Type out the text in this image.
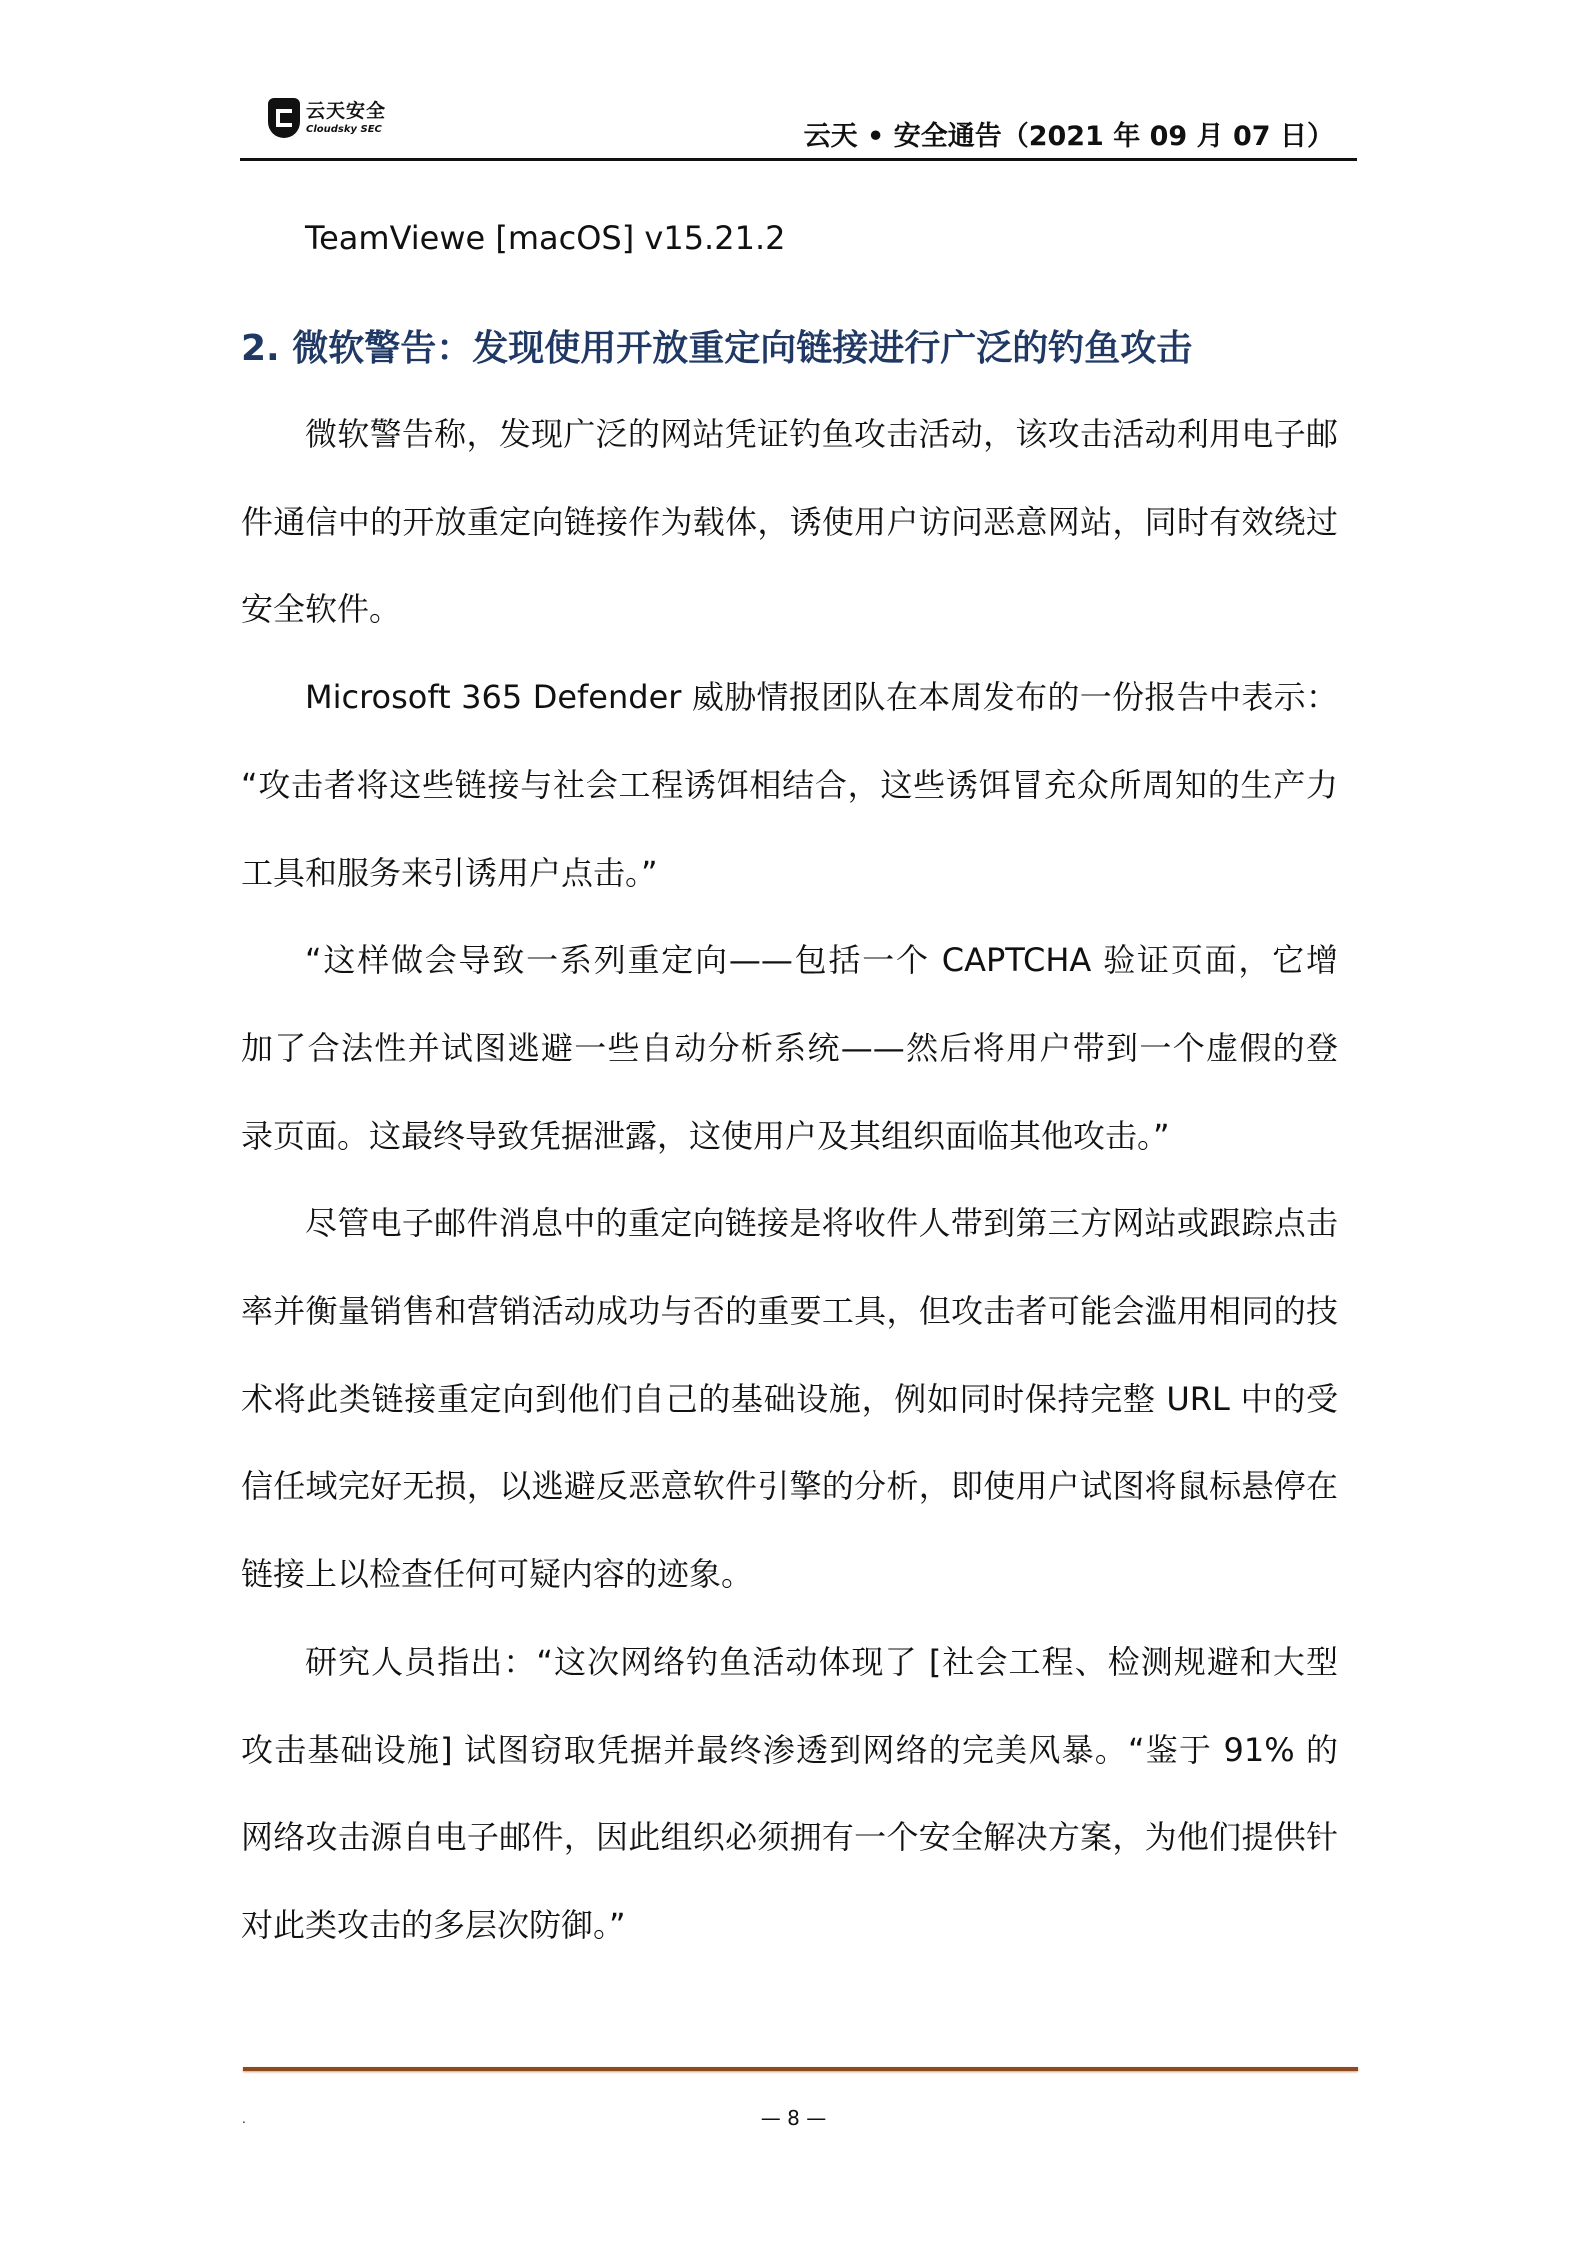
云天安全
Cloudsky SEC	云天 • 安全通告（2021 年 09 月 07 日）
TeamViewe [macOS] v15.21.2
2. 微软警告：发现使用开放重定向链接进行广泛的钓鱼攻击
微软警告称，发现广泛的网站凭证钓鱼攻击活动，该攻击活动利用电子邮
件通信中的开放重定向链接作为载体，诱使用户访问恶意网站，同时有效绕过
安全软件。
Microsoft 365 Defender 威胁情报团队在本周发布的一份报告中表示：
“攻击者将这些链接与社会工程诱饵相结合，这些诱饵冒充众所周知的生产力
工具和服务来引诱用户点击。”
“这样做会导致一系列重定向——包括一个 CAPTCHA 验证页面，它增
加了合法性并试图逃避一些自动分析系统——然后将用户带到一个虚假的登
录页面。这最终导致凭据泄露，这使用户及其组织面临其他攻击。”
尽管电子邮件消息中的重定向链接是将收件人带到第三方网站或跟踪点击
率并衡量销售和营销活动成功与否的重要工具，但攻击者可能会滥用相同的技
术将此类链接重定向到他们自己的基础设施，例如同时保持完整 URL 中的受
信任域完好无损，以逃避反恶意软件引擎的分析，即使用户试图将鼠标悬停在
链接上以检查任何可疑内容的迹象。
研究人员指出：“这次网络钓鱼活动体现了 [社会工程、检测规避和大型
攻击基础设施] 试图窃取凭据并最终渗透到网络的完美风暴。“鉴于 91% 的
网络攻击源自电子邮件，因此组织必须拥有一个安全解决方案，为他们提供针
对此类攻击的多层次防御。”
.	— 8 —
